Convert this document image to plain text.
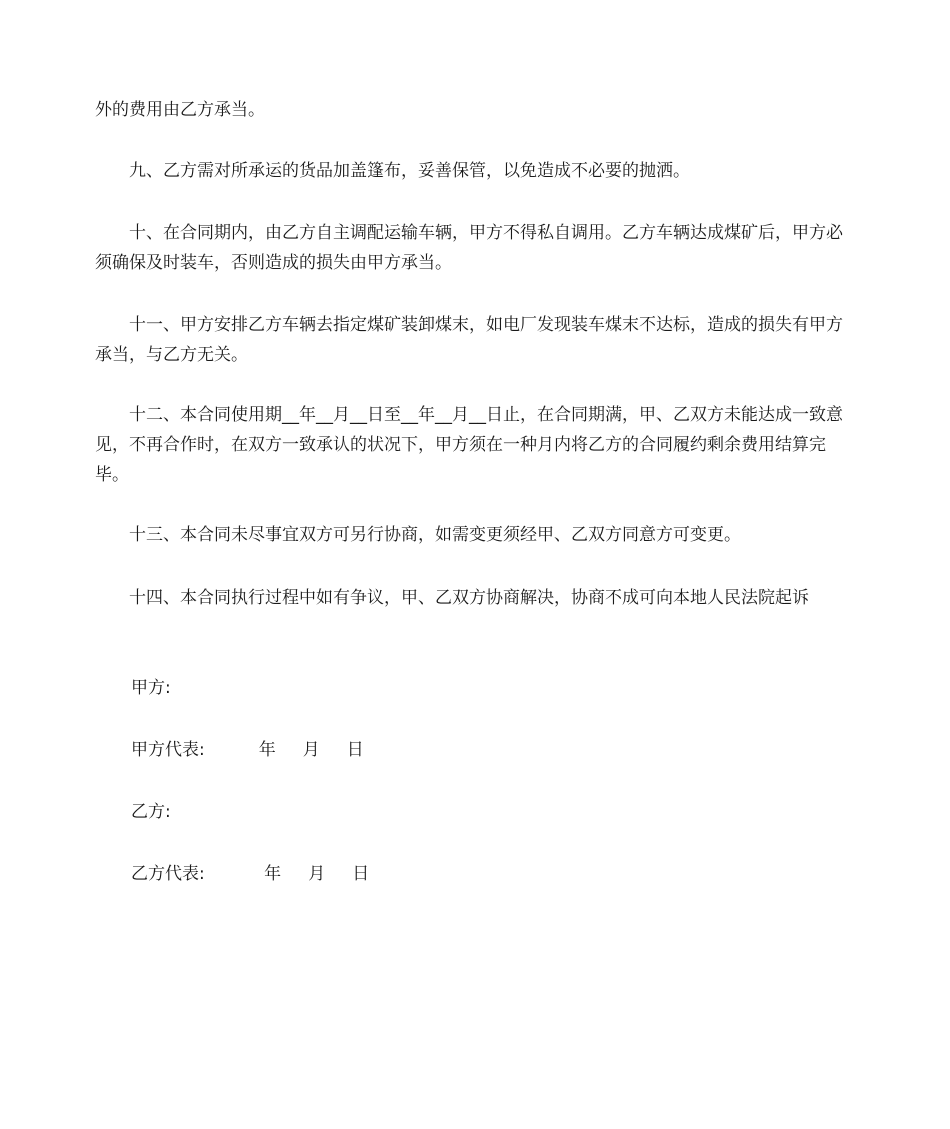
外的费用由乙方承当。

　　九、乙方需对所承运的货品加盖篷布，妥善保管，以免造成不必要的抛洒。

　　十、在合同期内，由乙方自主调配运输车辆，甲方不得私自调用。乙方车辆达成煤矿后，甲方必须确保及时装车，否则造成的损失由甲方承当。

　　十一、甲方安排乙方车辆去指定煤矿装卸煤末，如电厂发现装车煤末不达标，造成的损失有甲方承当，与乙方无关。

　　十二、本合同使用期__年__月__日至__年__月__日止，在合同期满，甲、乙双方未能达成一致意见，不再合作时，在双方一致承认的状况下，甲方须在一种月内将乙方的合同履约剩余费用结算完毕。

　　十三、本合同未尽事宜双方可另行协商，如需变更须经甲、乙双方同意方可变更。

　　十四、本合同执行过程中如有争议，甲、乙双方协商解决，协商不成可向本地人民法院起诉

甲方:

甲方代表:          年     月     日

乙方:

乙方代表:           年     月     日
